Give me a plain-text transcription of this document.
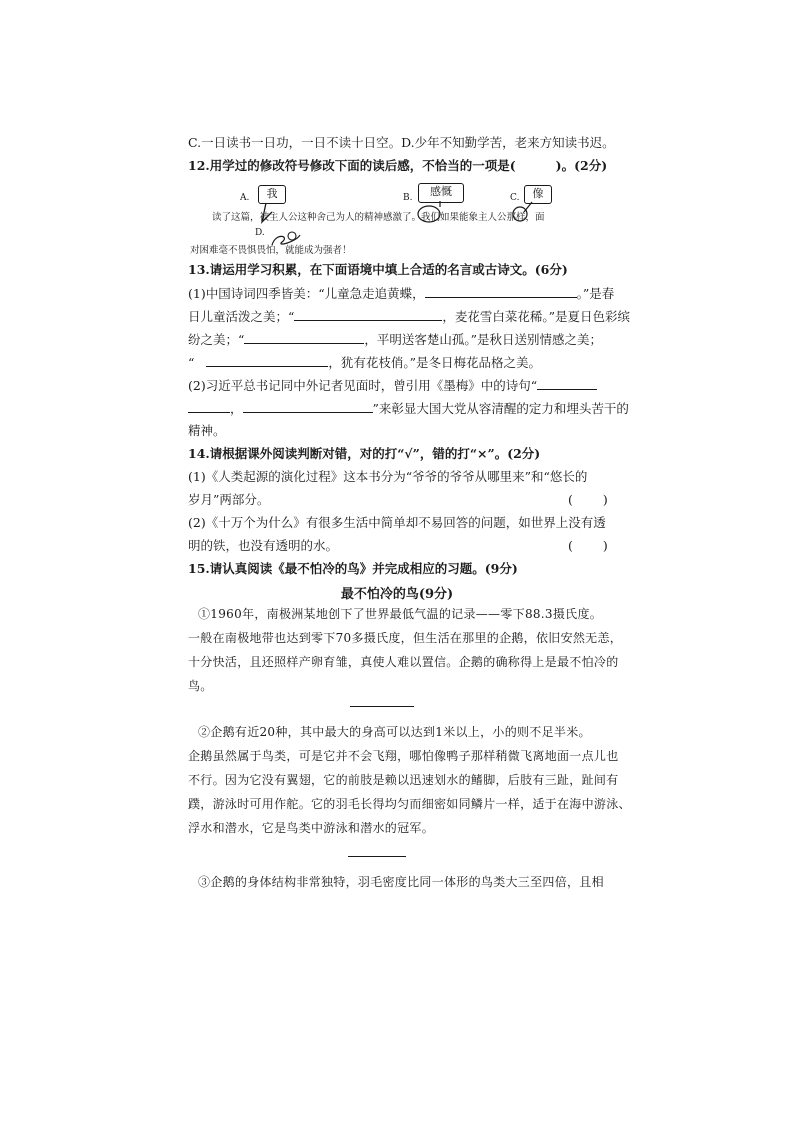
C.一日读书一日功，一日不读十日空。D.少年不知勤学苦，老来方知读书迟。
12.用学过的修改符号修改下面的读后感，不恰当的一项是(	)。(2分)
A.	我	B.	感慨	C.	像
D.
读了这篇，被主人公这种舍己为人的精神感激了。我们如果能象主人公那样，面
对困难毫不畏惧畏怕，就能成为强者！
13.请运用学习积累，在下面语境中填上合适的名言或古诗文。(6分)
(1)中国诗词四季皆美：“儿童急走追黄蝶，	。”是春
日儿童活泼之美；“	，麦花雪白菜花稀。”是夏日色彩缤
纷之美；“	，平明送客楚山孤。”是秋日送别情感之美；
“	，犹有花枝俏。”是冬日梅花品格之美。
(2)习近平总书记同中外记者见面时，曾引用《墨梅》中的诗句“
，	”来彰显大国大党从容清醒的定力和埋头苦干的
精神。
14.请根据课外阅读判断对错，对的打“√”，错的打“×”。(2分)
(1)《人类起源的演化过程》这本书分为“爷爷的爷爷从哪里来”和“悠长的
岁月”两部分。	( )
(2)《十万个为什么》有很多生活中简单却不易回答的问题，如世界上没有透
明的铁，也没有透明的水。	( )
15.请认真阅读《最不怕冷的鸟》并完成相应的习题。(9分)
最不怕冷的鸟(9分)
①1960年，南极洲某地创下了世界最低气温的记录——零下88.3摄氏度。
一般在南极地带也达到零下70多摄氏度，但生活在那里的企鹅，依旧安然无恙，
十分快活，且还照样产卵育雏，真使人难以置信。企鹅的确称得上是最不怕冷的
鸟。
②企鹅有近20种，其中最大的身高可以达到1米以上，小的则不足半米。
企鹅虽然属于鸟类，可是它并不会飞翔，哪怕像鸭子那样稍微飞离地面一点儿也
不行。因为它没有翼翅，它的前肢是赖以迅速划水的鳍脚，后肢有三趾，趾间有
蹼，游泳时可用作舵。它的羽毛长得均匀而细密如同鳞片一样，适于在海中游泳、
浮水和潜水，它是鸟类中游泳和潜水的冠军。
③企鹅的身体结构非常独特，羽毛密度比同一体形的鸟类大三至四倍，且相
